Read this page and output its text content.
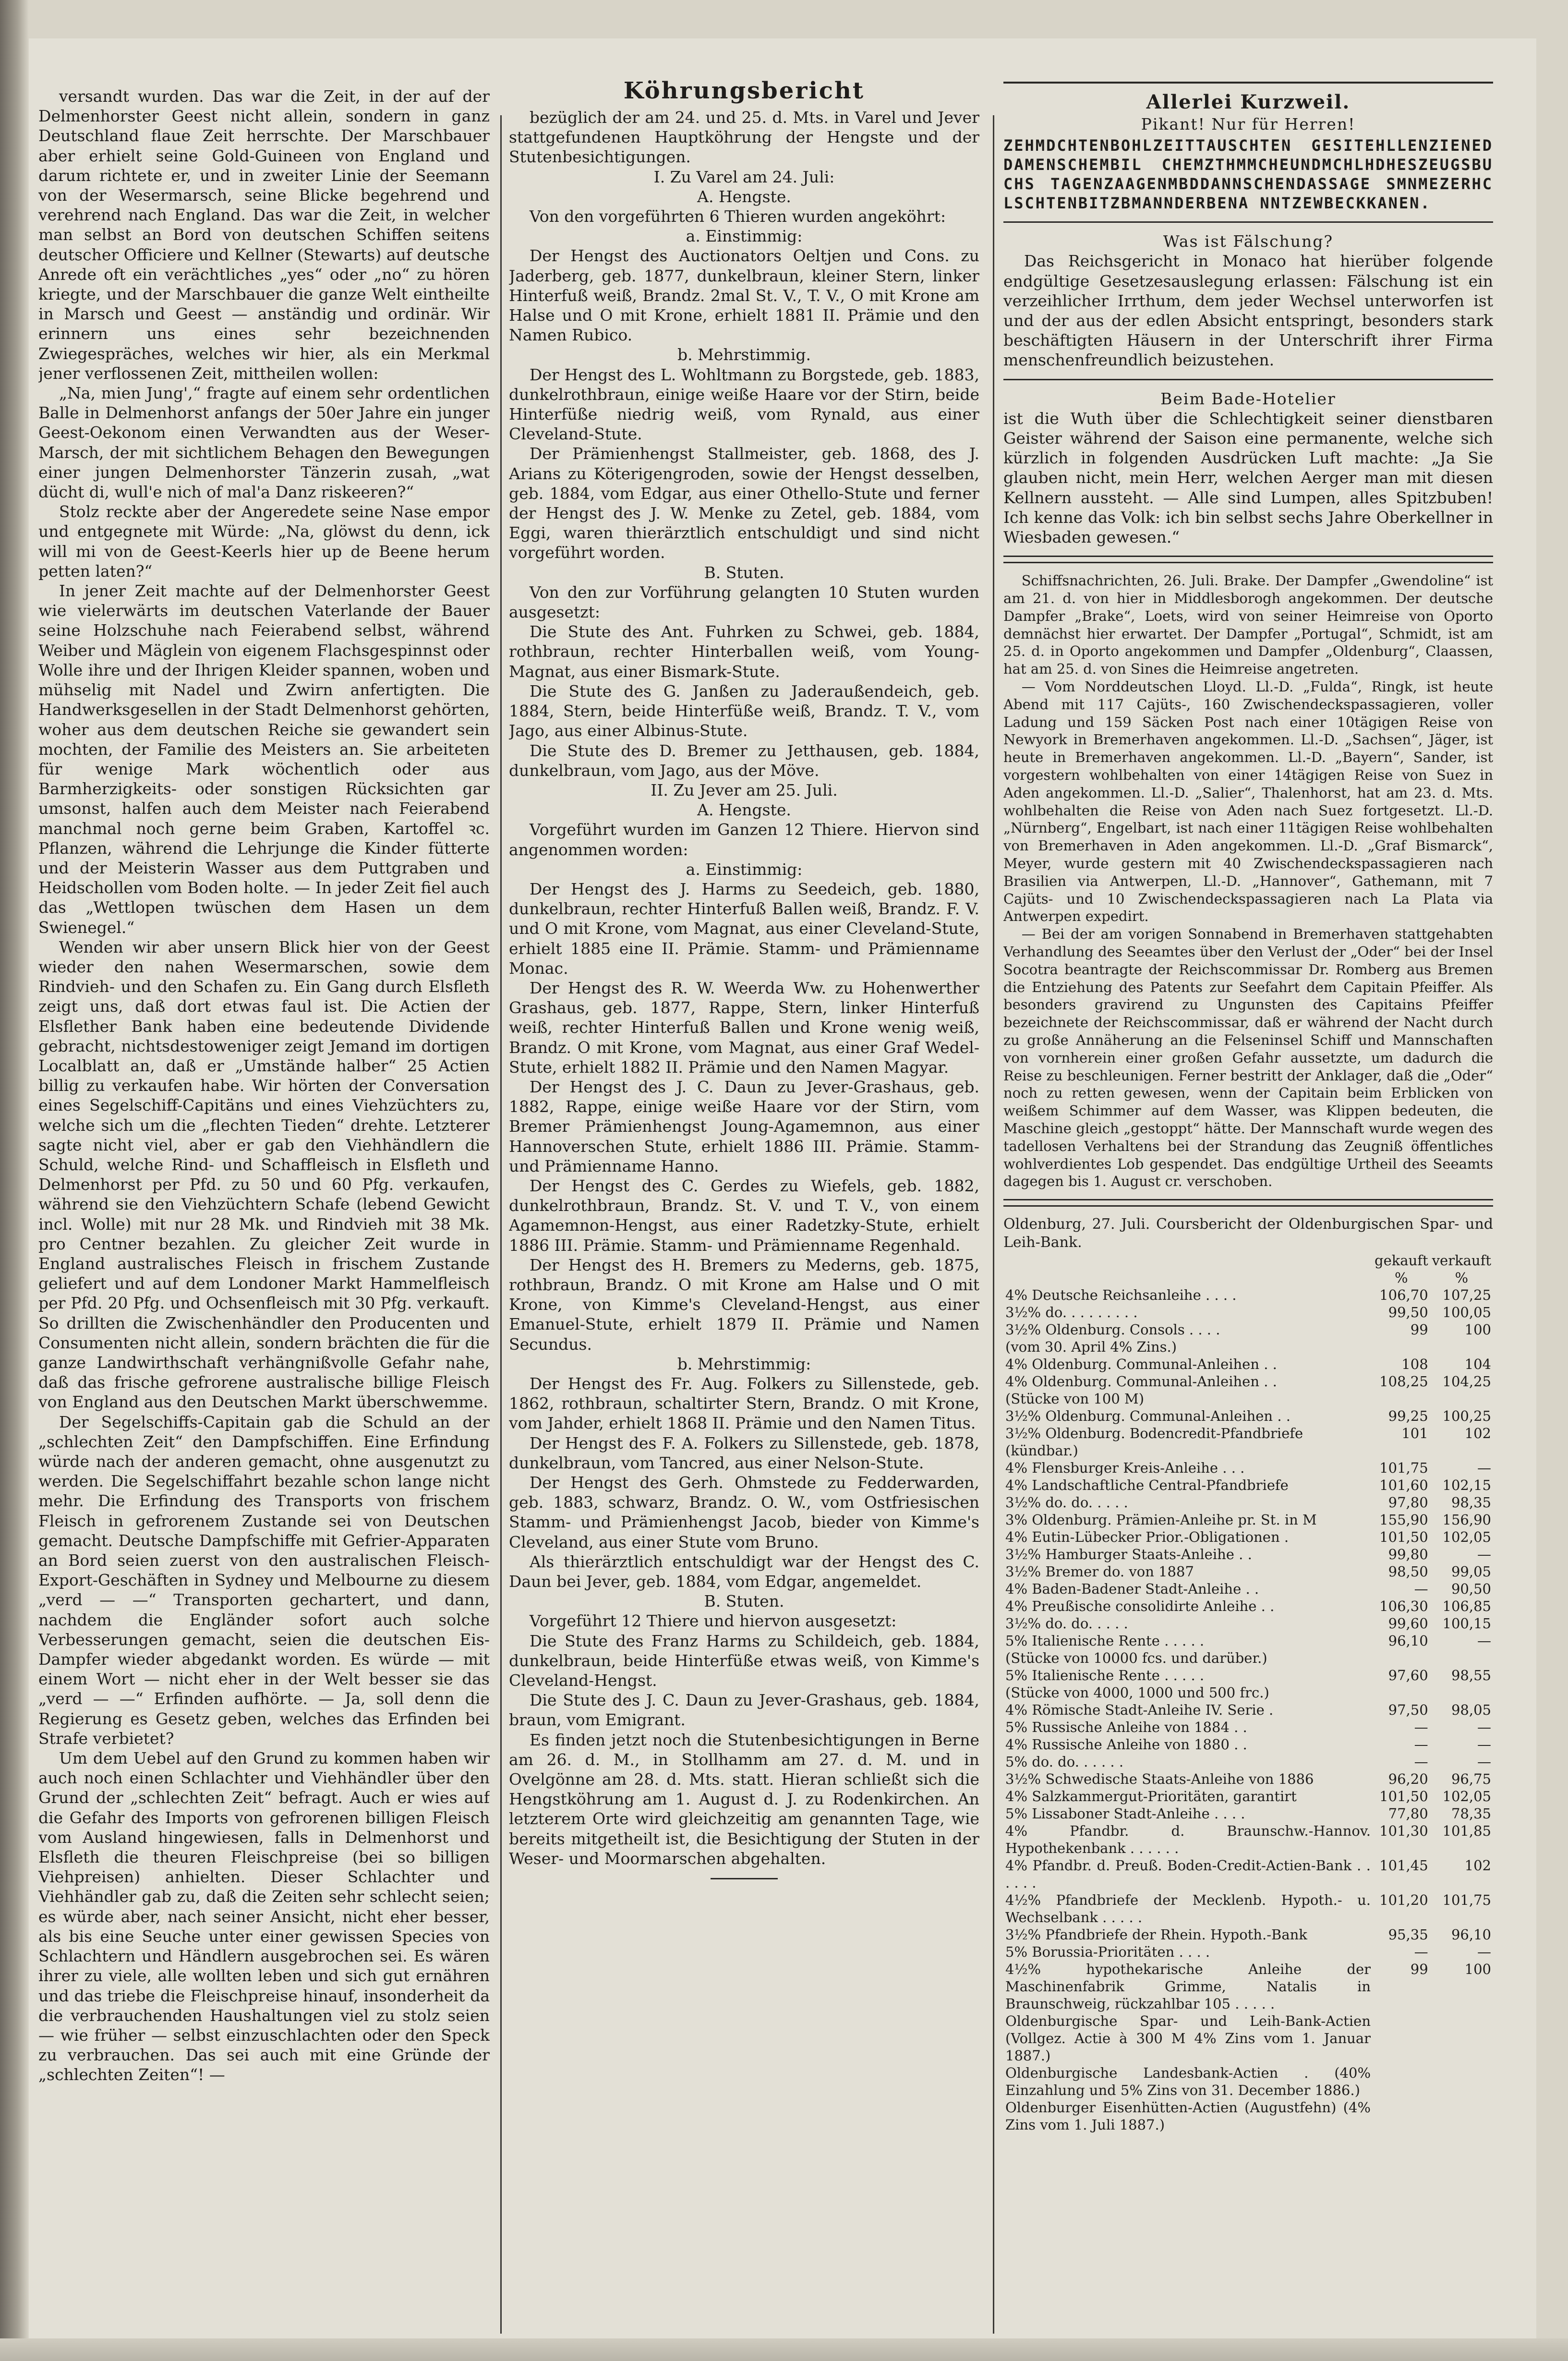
versandt wurden. Das war die Zeit, in der auf der Delmenhorster Geest nicht allein, sondern in ganz Deutschland flaue Zeit herrschte. Der Marschbauer aber erhielt seine Gold-Guineen von England und darum richtete er, und in zweiter Linie der Seemann von der Wesermarsch, seine Blicke begehrend und verehrend nach England. Das war die Zeit, in welcher man selbst an Bord von deutschen Schiffen seitens deutscher Officiere und Kellner (Stewarts) auf deutsche Anrede oft ein verächtliches „yes“ oder „no“ zu hören kriegte, und der Marschbauer die ganze Welt eintheilte in Marsch und Geest — anständig und ordinär. Wir erinnern uns eines sehr bezeichnenden Zwiegespräches, welches wir hier, als ein Merkmal jener verflossenen Zeit, mittheilen wollen:

„Na, mien Jung',“ fragte auf einem sehr ordentlichen Balle in Delmenhorst anfangs der 50er Jahre ein junger Geest-Oekonom einen Verwandten aus der Weser-Marsch, der mit sichtlichem Behagen den Bewegungen einer jungen Delmenhorster Tänzerin zusah, „wat dücht di, wull'e nich of mal'a Danz riskeeren?“

Stolz reckte aber der Angeredete seine Nase empor und entgegnete mit Würde: „Na, glöwst du denn, ick will mi von de Geest-Keerls hier up de Beene herum petten laten?“

In jener Zeit machte auf der Delmenhorster Geest wie vielerwärts im deutschen Vaterlande der Bauer seine Holzschuhe nach Feierabend selbst, während Weiber und Mäglein von eigenem Flachsgespinnst oder Wolle ihre und der Ihrigen Kleider spannen, woben und mühselig mit Nadel und Zwirn anfertigten. Die Handwerksgesellen in der Stadt Delmenhorst gehörten, woher aus dem deutschen Reiche sie gewandert sein mochten, der Familie des Meisters an. Sie arbeiteten für wenige Mark wöchentlich oder aus Barmherzigkeits- oder sonstigen Rücksichten gar umsonst, halfen auch dem Meister nach Feierabend manchmal noch gerne beim Graben, Kartoffel ꝛc. Pflanzen, während die Lehrjunge die Kinder fütterte und der Meisterin Wasser aus dem Puttgraben und Heidschollen vom Boden holte. — In jeder Zeit fiel auch das „Wettlopen twüschen dem Hasen un dem Swienegel.“

Wenden wir aber unsern Blick hier von der Geest wieder den nahen Wesermarschen, sowie dem Rindvieh- und den Schafen zu. Ein Gang durch Elsfleth zeigt uns, daß dort etwas faul ist. Die Actien der Elsflether Bank haben eine bedeutende Dividende gebracht, nichtsdestoweniger zeigt Jemand im dortigen Localblatt an, daß er „Umstände halber“ 25 Actien billig zu verkaufen habe. Wir hörten der Conversation eines Segelschiff-Capitäns und eines Viehzüchters zu, welche sich um die „flechten Tieden“ drehte. Letzterer sagte nicht viel, aber er gab den Viehhändlern die Schuld, welche Rind- und Schaffleisch in Elsfleth und Delmenhorst per Pfd. zu 50 und 60 Pfg. verkaufen, während sie den Viehzüchtern Schafe (lebend Gewicht incl. Wolle) mit nur 28 Mk. und Rindvieh mit 38 Mk. pro Centner bezahlen. Zu gleicher Zeit wurde in England australisches Fleisch in frischem Zustande geliefert und auf dem Londoner Markt Hammelfleisch per Pfd. 20 Pfg. und Ochsenfleisch mit 30 Pfg. verkauft. So drillten die Zwischenhändler den Producenten und Consumenten nicht allein, sondern brächten die für die ganze Landwirthschaft verhängnißvolle Gefahr nahe, daß das frische gefrorene australische billige Fleisch von England aus den Deutschen Markt überschwemme.

Der Segelschiffs-Capitain gab die Schuld an der „schlechten Zeit“ den Dampfschiffen. Eine Erfindung würde nach der anderen gemacht, ohne ausgenutzt zu werden. Die Segelschiffahrt bezahle schon lange nicht mehr. Die Erfindung des Transports von frischem Fleisch in gefrorenem Zustande sei von Deutschen gemacht. Deutsche Dampfschiffe mit Gefrier-Apparaten an Bord seien zuerst von den australischen Fleisch-Export-Geschäften in Sydney und Melbourne zu diesem „verd — —“ Transporten gechartert, und dann, nachdem die Engländer sofort auch solche Verbesserungen gemacht, seien die deutschen Eis-Dampfer wieder abgedankt worden. Es würde — mit einem Wort — nicht eher in der Welt besser sie das „verd — —“ Erfinden aufhörte. — Ja, soll denn die Regierung es Gesetz geben, welches das Erfinden bei Strafe verbietet?

Um dem Uebel auf den Grund zu kommen haben wir auch noch einen Schlachter und Viehhändler über den Grund der „schlechten Zeit“ befragt. Auch er wies auf die Gefahr des Imports von gefrorenen billigen Fleisch vom Ausland hingewiesen, falls in Delmenhorst und Elsfleth die theuren Fleischpreise (bei so billigen Viehpreisen) anhielten. Dieser Schlachter und Viehhändler gab zu, daß die Zeiten sehr schlecht seien; es würde aber, nach seiner Ansicht, nicht eher besser, als bis eine Seuche unter einer gewissen Species von Schlachtern und Händlern ausgebrochen sei. Es wären ihrer zu viele, alle wollten leben und sich gut ernähren und das triebe die Fleischpreise hinauf, insonderheit da die verbrauchenden Haushaltungen viel zu stolz seien — wie früher — selbst einzuschlachten oder den Speck zu verbrauchen. Das sei auch mit eine Gründe der „schlechten Zeiten“! —

Köhrungsbericht

bezüglich der am 24. und 25. d. Mts. in Varel und Jever stattgefundenen Hauptköhrung der Hengste und der Stutenbesichtigungen.

I. Zu Varel am 24. Juli:

A. Hengste.

Von den vorgeführten 6 Thieren wurden angeköhrt:

a. Einstimmig:

Der Hengst des Auctionators Oeltjen und Cons. zu Jaderberg, geb. 1877, dunkelbraun, kleiner Stern, linker Hinterfuß weiß, Brandz. 2mal St. V., T. V., O mit Krone am Halse und O mit Krone, erhielt 1881 II. Prämie und den Namen Rubico.

b. Mehrstimmig.

Der Hengst des L. Wohltmann zu Borgstede, geb. 1883, dunkelrothbraun, einige weiße Haare vor der Stirn, beide Hinterfüße niedrig weiß, vom Rynald, aus einer Cleveland-Stute.

Der Prämienhengst Stallmeister, geb. 1868, des J. Arians zu Köterigengroden, sowie der Hengst desselben, geb. 1884, vom Edgar, aus einer Othello-Stute und ferner der Hengst des J. W. Menke zu Zetel, geb. 1884, vom Eggi, waren thierärztlich entschuldigt und sind nicht vorgeführt worden.

B. Stuten.

Von den zur Vorführung gelangten 10 Stuten wurden ausgesetzt:

Die Stute des Ant. Fuhrken zu Schwei, geb. 1884, rothbraun, rechter Hinterballen weiß, vom Young-Magnat, aus einer Bismark-Stute.

Die Stute des G. Janßen zu Jaderaußendeich, geb. 1884, Stern, beide Hinterfüße weiß, Brandz. T. V., vom Jago, aus einer Albinus-Stute.

Die Stute des D. Bremer zu Jetthausen, geb. 1884, dunkelbraun, vom Jago, aus der Möve.

II. Zu Jever am 25. Juli.

A. Hengste.

Vorgeführt wurden im Ganzen 12 Thiere. Hiervon sind angenommen worden:

a. Einstimmig:

Der Hengst des J. Harms zu Seedeich, geb. 1880, dunkelbraun, rechter Hinterfuß Ballen weiß, Brandz. F. V. und O mit Krone, vom Magnat, aus einer Cleveland-Stute, erhielt 1885 eine II. Prämie. Stamm- und Prämienname Monac.

Der Hengst des R. W. Weerda Ww. zu Hohenwerther Grashaus, geb. 1877, Rappe, Stern, linker Hinterfuß weiß, rechter Hinterfuß Ballen und Krone wenig weiß, Brandz. O mit Krone, vom Magnat, aus einer Graf Wedel-Stute, erhielt 1882 II. Prämie und den Namen Magyar.

Der Hengst des J. C. Daun zu Jever-Grashaus, geb. 1882, Rappe, einige weiße Haare vor der Stirn, vom Bremer Prämienhengst Joung-Agamemnon, aus einer Hannoverschen Stute, erhielt 1886 III. Prämie. Stamm- und Prämienname Hanno.

Der Hengst des C. Gerdes zu Wiefels, geb. 1882, dunkelrothbraun, Brandz. St. V. und T. V., von einem Agamemnon-Hengst, aus einer Radetzky-Stute, erhielt 1886 III. Prämie. Stamm- und Prämienname Regenhald.

Der Hengst des H. Bremers zu Mederns, geb. 1875, rothbraun, Brandz. O mit Krone am Halse und O mit Krone, von Kimme's Cleveland-Hengst, aus einer Emanuel-Stute, erhielt 1879 II. Prämie und Namen Secundus.

b. Mehrstimmig:

Der Hengst des Fr. Aug. Folkers zu Sillenstede, geb. 1862, rothbraun, schaltirter Stern, Brandz. O mit Krone, vom Jahder, erhielt 1868 II. Prämie und den Namen Titus.

Der Hengst des F. A. Folkers zu Sillenstede, geb. 1878, dunkelbraun, vom Tancred, aus einer Nelson-Stute.

Der Hengst des Gerh. Ohmstede zu Fedderwarden, geb. 1883, schwarz, Brandz. O. W., vom Ostfriesischen Stamm- und Prämienhengst Jacob, bieder von Kimme's Cleveland, aus einer Stute vom Bruno.

Als thierärztlich entschuldigt war der Hengst des C. Daun bei Jever, geb. 1884, vom Edgar, angemeldet.

B. Stuten.

Vorgeführt 12 Thiere und hiervon ausgesetzt:

Die Stute des Franz Harms zu Schildeich, geb. 1884, dunkelbraun, beide Hinterfüße etwas weiß, von Kimme's Cleveland-Hengst.

Die Stute des J. C. Daun zu Jever-Grashaus, geb. 1884, braun, vom Emigrant.

Es finden jetzt noch die Stutenbesichtigungen in Berne am 26. d. M., in Stollhamm am 27. d. M. und in Ovelgönne am 28. d. Mts. statt. Hieran schließt sich die Hengstköhrung am 1. August d. J. zu Rodenkirchen. An letzterem Orte wird gleichzeitig am genannten Tage, wie bereits mitgetheilt ist, die Besichtigung der Stuten in der Weser- und Moormarschen abgehalten.

Allerlei Kurzweil.

Pikant! Nur für Herren!

ZEHMDCHTENBOHLZEITTAUSCHTEN GESITEHLLENZIENEDDAMENSCHEMBIL CHEMZTHMMCHEUNDMCHLHDHESZEUGSBUCHS TAGENZAAGENMBDDANNSCHENDASSAGE SMNMEZERHCLSCHTENBITZBMANNDERBENA NNTZEWBECKKANEN.

Was ist Fälschung?

Das Reichsgericht in Monaco hat hierüber folgende endgültige Gesetzesauslegung erlassen: Fälschung ist ein verzeihlicher Irrthum, dem jeder Wechsel unterworfen ist und der aus der edlen Absicht entspringt, besonders stark beschäftigten Häusern in der Unterschrift ihrer Firma menschenfreundlich beizustehen.

Beim Bade-Hotelier

ist die Wuth über die Schlechtigkeit seiner dienstbaren Geister während der Saison eine permanente, welche sich kürzlich in folgenden Ausdrücken Luft machte: „Ja Sie glauben nicht, mein Herr, welchen Aerger man mit diesen Kellnern aussteht. — Alle sind Lumpen, alles Spitzbuben! Ich kenne das Volk: ich bin selbst sechs Jahre Oberkellner in Wiesbaden gewesen.“

Schiffsnachrichten, 26. Juli. Brake. Der Dampfer „Gwendoline“ ist am 21. d. von hier in Middlesborogh angekommen. Der deutsche Dampfer „Brake“, Loets, wird von seiner Heimreise von Oporto demnächst hier erwartet. Der Dampfer „Portugal“, Schmidt, ist am 25. d. in Oporto angekommen und Dampfer „Oldenburg“, Claassen, hat am 25. d. von Sines die Heimreise angetreten.

— Vom Norddeutschen Lloyd. Ll.-D. „Fulda“, Ringk, ist heute Abend mit 117 Cajüts-, 160 Zwischendeckspassagieren, voller Ladung und 159 Säcken Post nach einer 10tägigen Reise von Newyork in Bremerhaven angekommen. Ll.-D. „Sachsen“, Jäger, ist heute in Bremerhaven angekommen. Ll.-D. „Bayern“, Sander, ist vorgestern wohlbehalten von einer 14tägigen Reise von Suez in Aden angekommen. Ll.-D. „Salier“, Thalenhorst, hat am 23. d. Mts. wohlbehalten die Reise von Aden nach Suez fortgesetzt. Ll.-D. „Nürnberg“, Engelbart, ist nach einer 11tägigen Reise wohlbehalten von Bremerhaven in Aden angekommen. Ll.-D. „Graf Bismarck“, Meyer, wurde gestern mit 40 Zwischendeckspassagieren nach Brasilien via Antwerpen, Ll.-D. „Hannover“, Gathemann, mit 7 Cajüts- und 10 Zwischendeckspassagieren nach La Plata via Antwerpen expedirt.

— Bei der am vorigen Sonnabend in Bremerhaven stattgehabten Verhandlung des Seeamtes über den Verlust der „Oder“ bei der Insel Socotra beantragte der Reichscommissar Dr. Romberg aus Bremen die Entziehung des Patents zur Seefahrt dem Capitain Pfeiffer. Als besonders gravirend zu Ungunsten des Capitains Pfeiffer bezeichnete der Reichscommissar, daß er während der Nacht durch zu große Annäherung an die Felseninsel Schiff und Mannschaften von vornherein einer großen Gefahr aussetzte, um dadurch die Reise zu beschleunigen. Ferner bestritt der Anklager, daß die „Oder“ noch zu retten gewesen, wenn der Capitain beim Erblicken von weißem Schimmer auf dem Wasser, was Klippen bedeuten, die Maschine gleich „gestoppt“ hätte. Der Mannschaft wurde wegen des tadellosen Verhaltens bei der Strandung das Zeugniß öffentliches wohlverdientes Lob gespendet. Das endgültige Urtheil des Seeamts dagegen bis 1. August cr. verschoben.

Oldenburg, 27. Juli. Coursbericht der Oldenburgischen Spar- und Leih-Bank.

	gekauft	verkauft
	%	%
4% Deutsche Reichsanleihe . . . .	106,70	107,25
3½% do. . . . . . . . .	99,50	100,05
3½% Oldenburg. Consols . . . .	99	100
(vom 30. April 4% Zins.)		
4% Oldenburg. Communal-Anleihen . .	108	104
4% Oldenburg. Communal-Anleihen . .	108,25	104,25
(Stücke von 100 M)		
3½% Oldenburg. Communal-Anleihen . .	99,25	100,25
3½% Oldenburg. Bodencredit-Pfandbriefe	101	102
(kündbar.)		
4% Flensburger Kreis-Anleihe . . .	101,75	—
4% Landschaftliche Central-Pfandbriefe	101,60	102,15
3½% do. do. . . . .	97,80	98,35
3% Oldenburg. Prämien-Anleihe pr. St. in M	155,90	156,90
4% Eutin-Lübecker Prior.-Obligationen .	101,50	102,05
3½% Hamburger Staats-Anleihe . .	99,80	—
3½% Bremer do. von 1887	98,50	99,05
4% Baden-Badener Stadt-Anleihe . .	—	90,50
4% Preußische consolidirte Anleihe . .	106,30	106,85
3½% do. do. . . . .	99,60	100,15
5% Italienische Rente . . . . .	96,10	—
(Stücke von 10000 fcs. und darüber.)		
5% Italienische Rente . . . . .	97,60	98,55
(Stücke von 4000, 1000 und 500 frc.)		
4% Römische Stadt-Anleihe IV. Serie .	97,50	98,05
5% Russische Anleihe von 1884 . .	—	—
4% Russische Anleihe von 1880 . .	—	—
5% do. do. . . . . .	—	—
3½% Schwedische Staats-Anleihe von 1886	96,20	96,75
4% Salzkammergut-Prioritäten, garantirt	101,50	102,05
5% Lissaboner Stadt-Anleihe . . . .	77,80	78,35
4% Pfandbr. d. Braunschw.-Hannov. Hypothekenbank . . . . . .	101,30	101,85
4% Pfandbr. d. Preuß. Boden-Credit-Actien-Bank . . . . . .	101,45	102
4½% Pfandbriefe der Mecklenb. Hypoth.- u. Wechselbank . . . . .	101,20	101,75
3½% Pfandbriefe der Rhein. Hypoth.-Bank	95,35	96,10
5% Borussia-Prioritäten . . . .	—	—
4½% hypothekarische Anleihe der Maschinenfabrik Grimme, Natalis in Braunschweig, rückzahlbar 105 . . . . .	99	100
Oldenburgische Spar- und Leih-Bank-Actien (Vollgez. Actie à 300 M 4% Zins vom 1. Januar 1887.)		
Oldenburgische Landesbank-Actien . (40% Einzahlung und 5% Zins von 31. December 1886.)		
Oldenburger Eisenhütten-Actien (Augustfehn) (4% Zins vom 1. Juli 1887.)		
